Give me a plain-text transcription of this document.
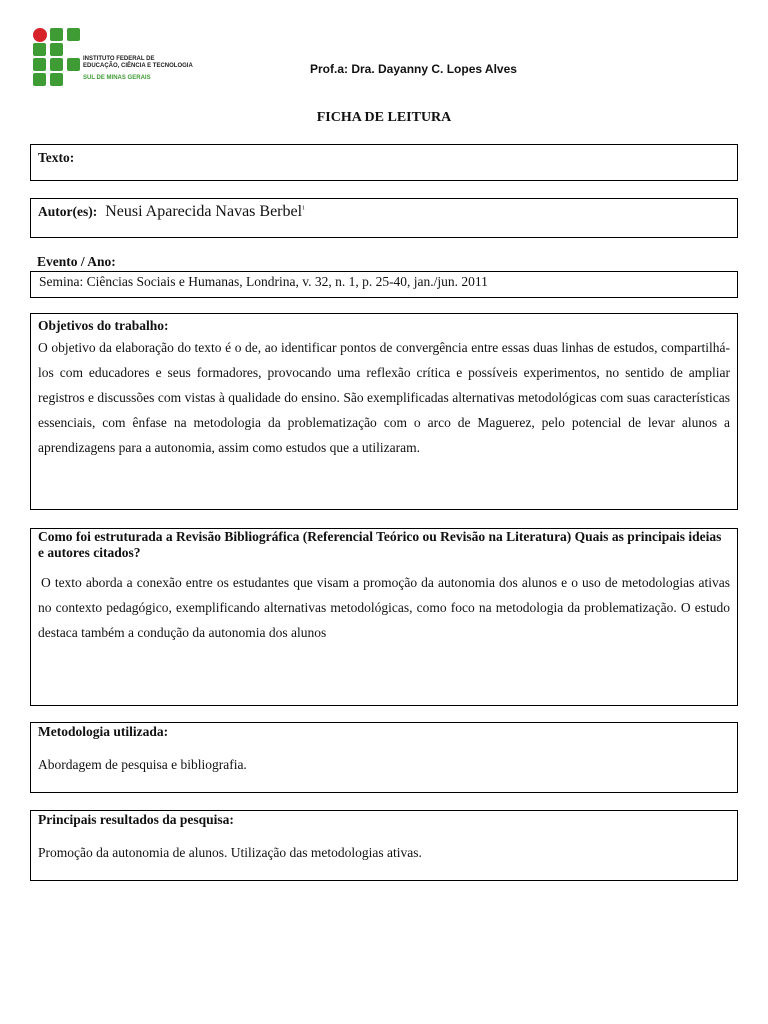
INSTITUTO FEDERAL DE
EDUCAÇÃO, CIÊNCIA E TECNOLOGIA
SUL DE MINAS GERAIS
Prof.a: Dra. Dayanny C. Lopes Alves
FICHA DE LEITURA
Texto:
Autor(es): Neusi Aparecida Navas Berbel$^1$
Evento / Ano:
Semina: Ciências Sociais e Humanas, Londrina, v. 32, n. 1, p. 25-40, jan./jun. 2011
Objetivos do trabalho:
O objetivo da elaboração do texto é o de, ao identificar pontos de convergência entre essas duas linhas de estudos, compartilhá-los com educadores e seus formadores, provocando uma reflexão crítica e possíveis experimentos, no sentido de ampliar registros e discussões com vistas à qualidade do ensino. São exemplificadas alternativas metodológicas com suas características essenciais, com ênfase na metodologia da problematização com o arco de Maguerez, pelo potencial de levar alunos a aprendizagens para a autonomia, assim como estudos que a utilizaram.
Como foi estruturada a Revisão Bibliográfica (Referencial Teórico ou Revisão na Literatura) Quais as principais ideias e autores citados?
O texto aborda a conexão entre os estudantes que visam a promoção da autonomia dos alunos e o uso de metodologias ativas no contexto pedagógico, exemplificando alternativas metodológicas, como foco na metodologia da problematização. O estudo destaca também a condução da autonomia dos alunos
Metodologia utilizada:
Abordagem de pesquisa e bibliografia.
Principais resultados da pesquisa:
Promoção da autonomia de alunos. Utilização das metodologias ativas.
